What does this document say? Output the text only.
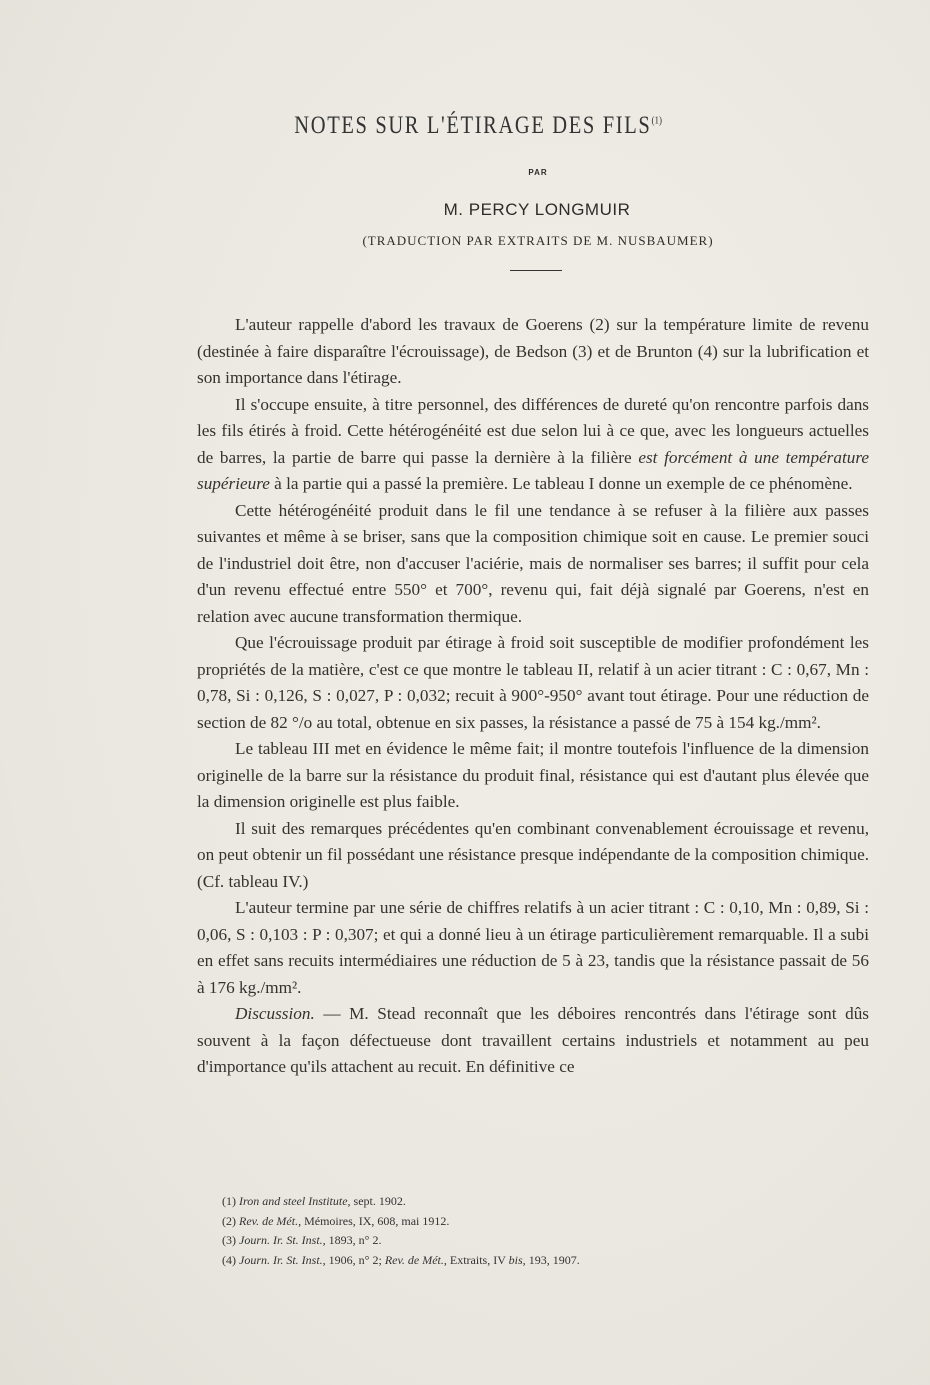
NOTES SUR L'ÉTIRAGE DES FILS$^{(1)}$
PAR
M. PERCY LONGMUIR
(TRADUCTION PAR EXTRAITS DE M. NUSBAUMER)

L'auteur rappelle d'abord les travaux de Goerens (2) sur la température limite de revenu (destinée à faire disparaître l'écrouissage), de Bedson (3) et de Brunton (4) sur la lubrification et son importance dans l'étirage.

Il s'occupe ensuite, à titre personnel, des différences de dureté qu'on rencontre parfois dans les fils étirés à froid. Cette hétérogénéité est due selon lui à ce que, avec les longueurs actuelles de barres, la partie de barre qui passe la dernière à la filière est forcément à une température supérieure à la partie qui a passé la première. Le tableau I donne un exemple de ce phénomène.

Cette hétérogénéité produit dans le fil une tendance à se refuser à la filière aux passes suivantes et même à se briser, sans que la composition chimique soit en cause. Le premier souci de l'industriel doit être, non d'accuser l'aciérie, mais de normaliser ses barres; il suffit pour cela d'un revenu effectué entre 550° et 700°, revenu qui, fait déjà signalé par Goerens, n'est en relation avec aucune transformation thermique.

Que l'écrouissage produit par étirage à froid soit susceptible de modifier profondément les propriétés de la matière, c'est ce que montre le tableau II, relatif à un acier titrant : C : 0,67, Mn : 0,78, Si : 0,126, S : 0,027, P : 0,032; recuit à 900°-950° avant tout étirage. Pour une réduction de section de 82 °/o au total, obtenue en six passes, la résistance a passé de 75 à 154 kg./mm².

Le tableau III met en évidence le même fait; il montre toutefois l'influence de la dimension originelle de la barre sur la résistance du produit final, résistance qui est d'autant plus élevée que la dimension originelle est plus faible.

Il suit des remarques précédentes qu'en combinant convenablement écrouissage et revenu, on peut obtenir un fil possédant une résistance presque indépendante de la composition chimique. (Cf. tableau IV.)

L'auteur termine par une série de chiffres relatifs à un acier titrant : C : 0,10, Mn : 0,89, Si : 0,06, S : 0,103 : P : 0,307; et qui a donné lieu à un étirage particulièrement remarquable. Il a subi en effet sans recuits intermédiaires une réduction de 5 à 23, tandis que la résistance passait de 56 à 176 kg./mm².

Discussion. — M. Stead reconnaît que les déboires rencontrés dans l'étirage sont dûs souvent à la façon défectueuse dont travaillent certains industriels et notamment au peu d'importance qu'ils attachent au recuit. En définitive ce

(1) Iron and steel Institute, sept. 1902.
(2) Rev. de Mét., Mémoires, IX, 608, mai 1912.
(3) Journ. Ir. St. Inst., 1893, n° 2.
(4) Journ. Ir. St. Inst., 1906, n° 2; Rev. de Mét., Extraits, IV bis, 193, 1907.
